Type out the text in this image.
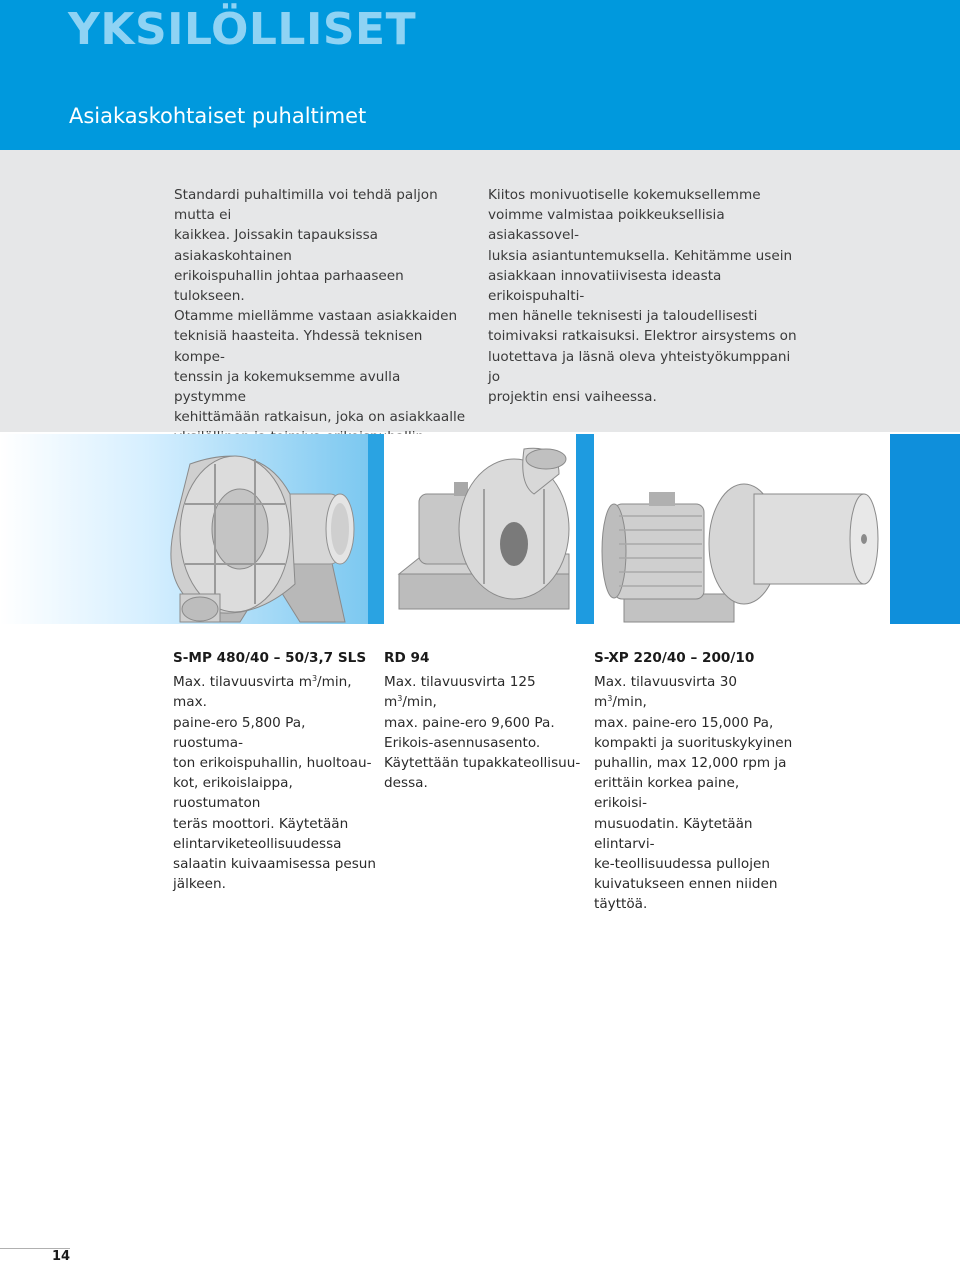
YKSILÖLLISET
Asiakaskohtaiset puhaltimet

Standardi puhaltimilla voi tehdä paljon mutta ei
kaikkea. Joissakin tapauksissa asiakaskohtainen
erikoispuhallin johtaa parhaaseen tulokseen.
Otamme miellämme vastaan asiakkaiden
teknisiä haasteita. Yhdessä teknisen kompe-
tenssin ja kokemuksemme avulla pystymme
kehittämään ratkaisun, joka on asiakkaalle

Kiitos monivuotiselle kokemuksellemme
voimme valmistaa poikkeuksellisia asiakassovel-
luksia asiantuntemuksella. Kehitämme usein
asiakkaan innovatiivisesta ideasta erikoispuhalti-
men hänelle teknisesti ja taloudellisesti
toimivaksi ratkaisuksi. Elektror airsystems on
luotettava ja läsnä oleva yhteistyökumppani jo
projektin ensi vaiheessa.

S-MP 480/40 – 50/3,7 SLS

Max. tilavuusvirta $m^3/\min$, max.

paine-ero 5,800 Pa, ruostuma-
ton erikoispuhallin, huoltoau-
kot, erikoislaippa, ruostumaton
teräs moottori. Käytetään
elintarviketeollisuudessa
salaatin kuivaamisessa pesun
jälkeen.

RD 94

Max. tilavuusvirta 125 $m^3/\min$,

max. paine-ero 9,600 Pa.
Erikois-asennusasento.
Käytettään tupakkateollisuu-
dessa.

S-XP 220/40 – 200/10

Max. tilavuusvirta 30 $m^3/\min$,

max. paine-ero 15,000 Pa,
kompakti ja suorituskykyinen
puhallin, max 12,000 rpm ja
erittäin korkea paine, erikoisi-
musuodatin. Käytetään elintarvi-
ke-teollisuudessa pullojen
kuivatukseen ennen niiden
täyttöä.

14
